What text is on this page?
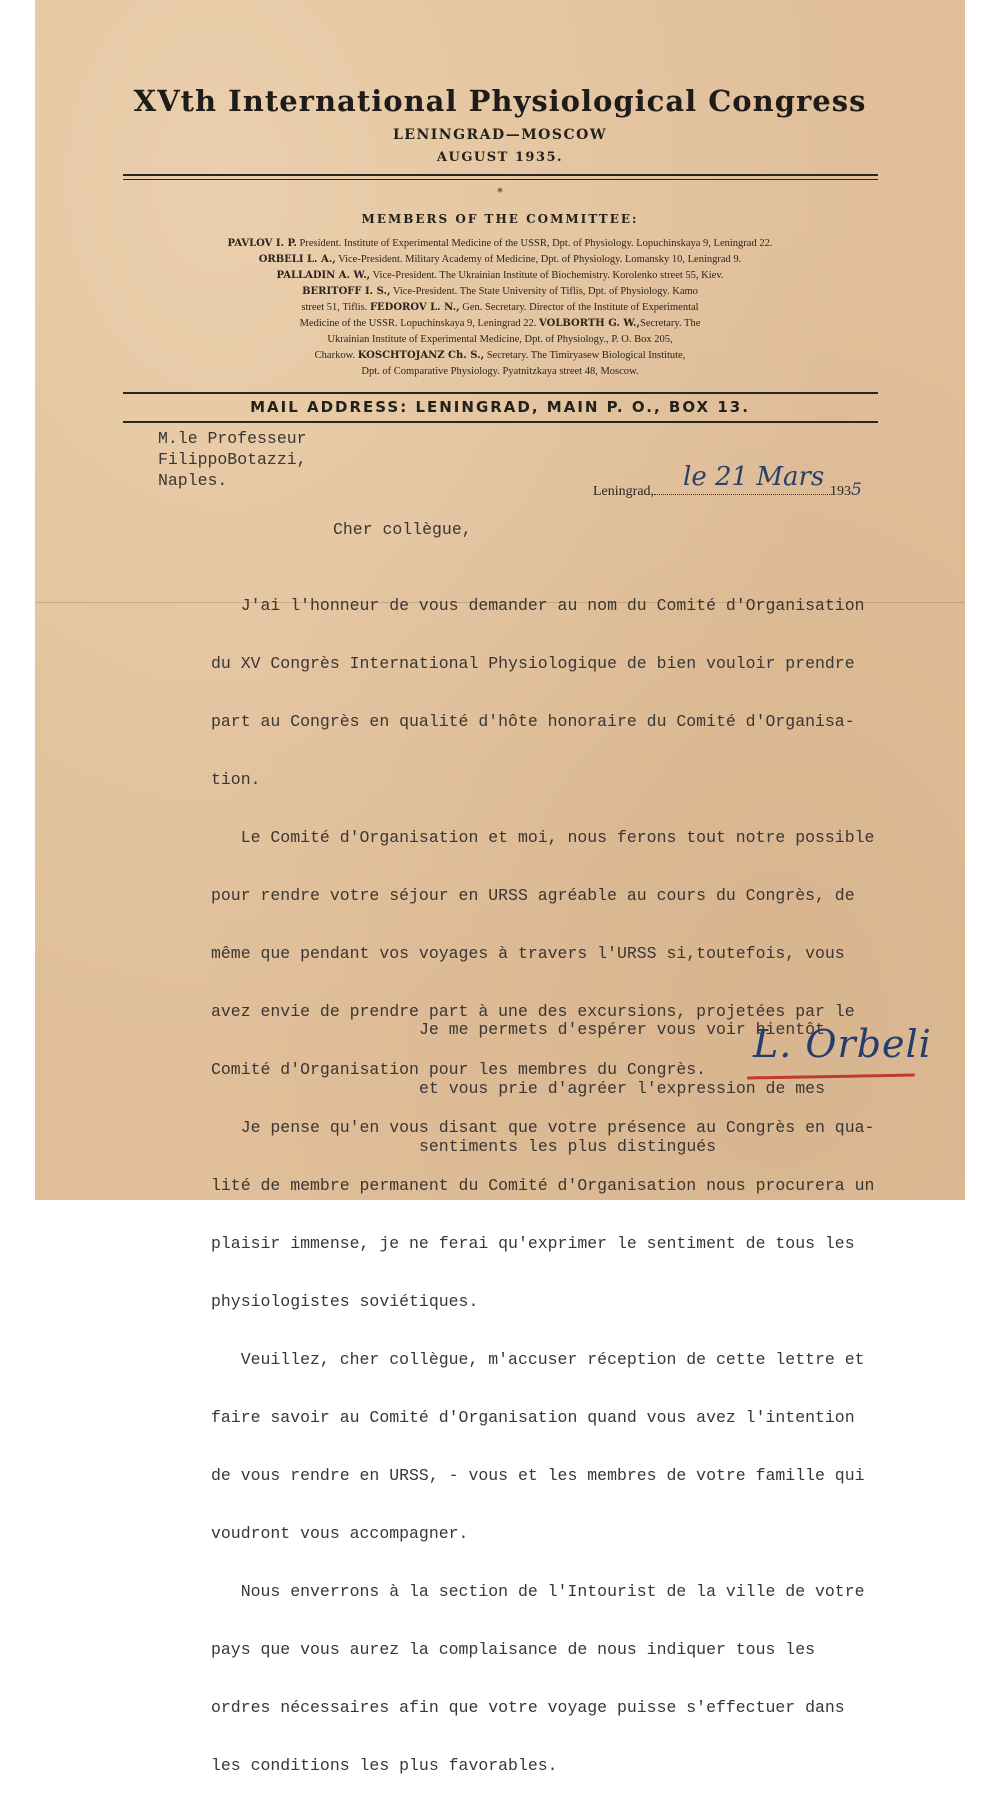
XVth International Physiological Congress
LENINGRAD—MOSCOW
AUGUST 1935.
*
MEMBERS OF THE COMMITTEE:
PAVLOV I. P. President. Institute of Experimental Medicine of the USSR, Dpt. of Physiology. Lopuchinskaya 9, Leningrad 22.
ORBELI L. A., Vice-President. Military Academy of Medicine, Dpt. of Physiology. Lomansky 10, Leningrad 9.
PALLADIN A. W., Vice-President. The Ukrainian Institute of Biochemistry. Korolenko street 55, Kiev.
BERITOFF I. S., Vice-President. The State University of Tiflis, Dpt. of Physiology. Kamo
street 51, Tiflis. FEDOROV L. N., Gen. Secretary. Director of the Institute of Experimental
Medicine of the USSR. Lopuchinskaya 9, Leningrad 22. VOLBORTH G. W.,Secretary. The
Ukrainian Institute of Experimental Medicine, Dpt. of Physiology., P. O. Box 205,
Charkow. KOSCHTOJANZ Ch. S., Secretary. The Timiryasew Biological Institute,
Dpt. of Comparative Physiology. Pyatnitzkaya street 48, Moscow.
MAIL ADDRESS: LENINGRAD, MAIN P. O., BOX 13.
M.le Professeur
FilippoBotazzi,
Naples.
Leningrad,	le 21 Mars 1935
Cher collègue,

J'ai l'honneur de vous demander au nom du Comité d'Organisation

du XV Congrès International Physiologique de bien vouloir prendre

part au Congrès en qualité d'hôte honoraire du Comité d'Organisa-

tion.

Le Comité d'Organisation et moi, nous ferons tout notre possible

pour rendre votre séjour en URSS agréable au cours du Congrès, de

même que pendant vos voyages à travers l'URSS si,toutefois, vous

avez envie de prendre part à une des excursions, projetées par le

Comité d'Organisation pour les membres du Congrès.

Je pense qu'en vous disant que votre présence au Congrès en qua-

lité de membre permanent du Comité d'Organisation nous procurera un

plaisir immense, je ne ferai qu'exprimer le sentiment de tous les

physiologistes soviétiques.

Veuillez, cher collègue, m'accuser réception de cette lettre et

faire savoir au Comité d'Organisation quand vous avez l'intention

de vous rendre en URSS, - vous et les membres de votre famille qui

voudront vous accompagner.

Nous enverrons à la section de l'Intourist de la ville de votre

pays que vous aurez la complaisance de nous indiquer tous les

ordres nécessaires afin que votre voyage puisse s'effectuer dans

les conditions les plus favorables.

Je me permets d'espérer vous voir bientôt

et vous prie d'agréer l'expression de mes

sentiments les plus distingués

L. Orbeli
